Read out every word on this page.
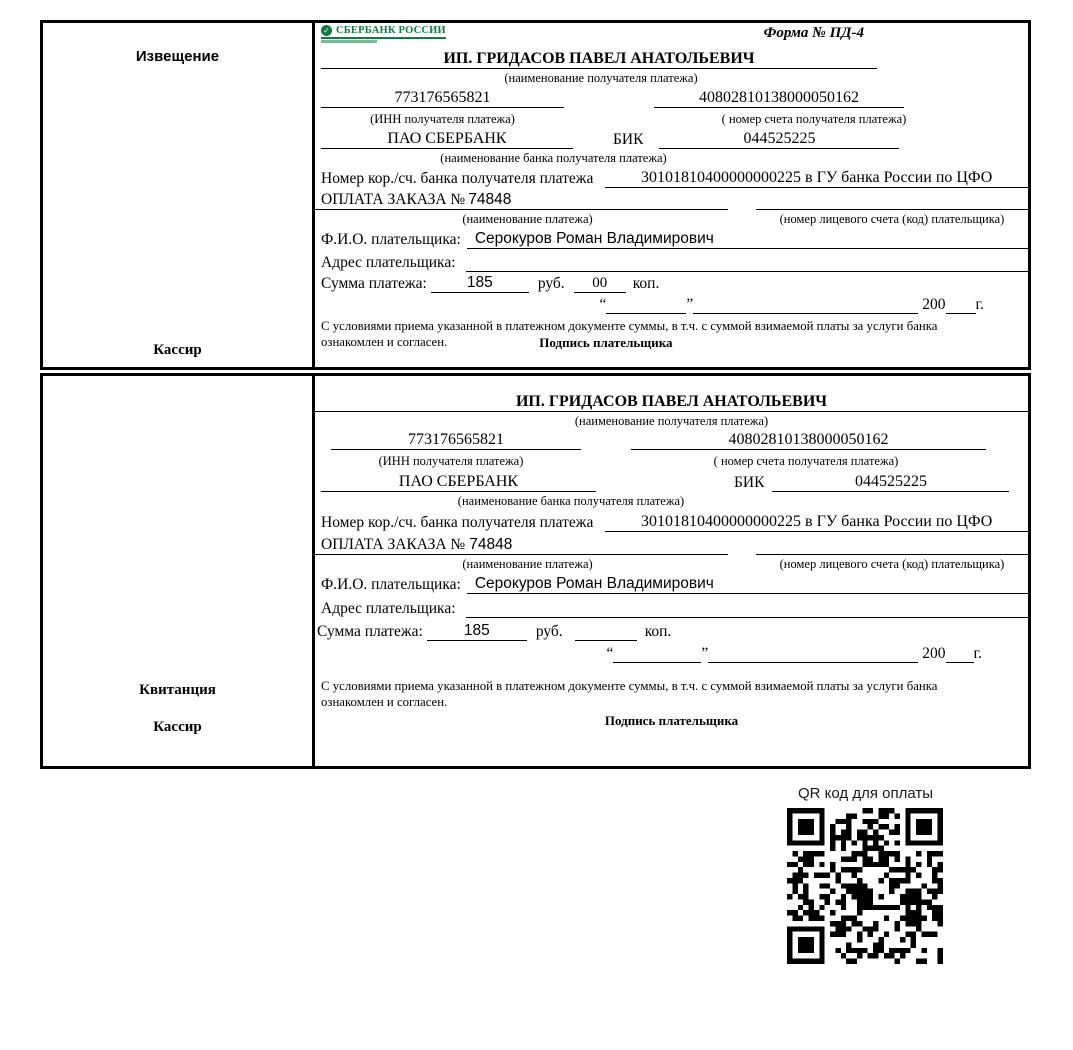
Извещение
Кассир
✓ СБЕРБАНК РОССИИ	Форма № ПД-4
ИП. ГРИДАСОВ ПАВЕЛ АНАТОЛЬЕВИЧ
(наименование получателя платежа)
773176565821	40802810138000050162
(ИНН получателя платежа)	( номер счета получателя платежа)
ПАО СБЕРБАНК	БИК	044525225
(наименование банка получателя платежа)
Номер кор./сч. банка получателя платежа	30101810400000000225 в ГУ банка России по ЦФО
ОПЛАТА ЗАКАЗА № 74848
(наименование платежа)	(номер лицевого счета (код) плательщика)
Ф.И.О. плательщика: Серокуров Роман Владимирович
Адрес плательщика:
Сумма платежа:	185	руб.	00	коп.
“	”	200 г.
С условиями приема указанной в платежном документе суммы, в т.ч. с суммой взимаемой платы за услуги банка
ознакомлен и согласен.	Подпись плательщика
Квитанция
Кассир
ИП. ГРИДАСОВ ПАВЕЛ АНАТОЛЬЕВИЧ
(наименование получателя платежа)
773176565821	40802810138000050162
(ИНН получателя платежа)	( номер счета получателя платежа)
ПАО СБЕРБАНК	БИК	044525225
(наименование банка получателя платежа)
Номер кор./сч. банка получателя платежа	30101810400000000225 в ГУ банка России по ЦФО
ОПЛАТА ЗАКАЗА № 74848
(наименование платежа)	(номер лицевого счета (код) плательщика)
Ф.И.О. плательщика: Серокуров Роман Владимирович
Адрес плательщика:
Сумма платежа:	185	руб.	коп.
“	”	200 г.
С условиями приема указанной в платежном документе суммы, в т.ч. с суммой взимаемой платы за услуги банка
ознакомлен и согласен.
Подпись плательщика
QR код для оплаты
